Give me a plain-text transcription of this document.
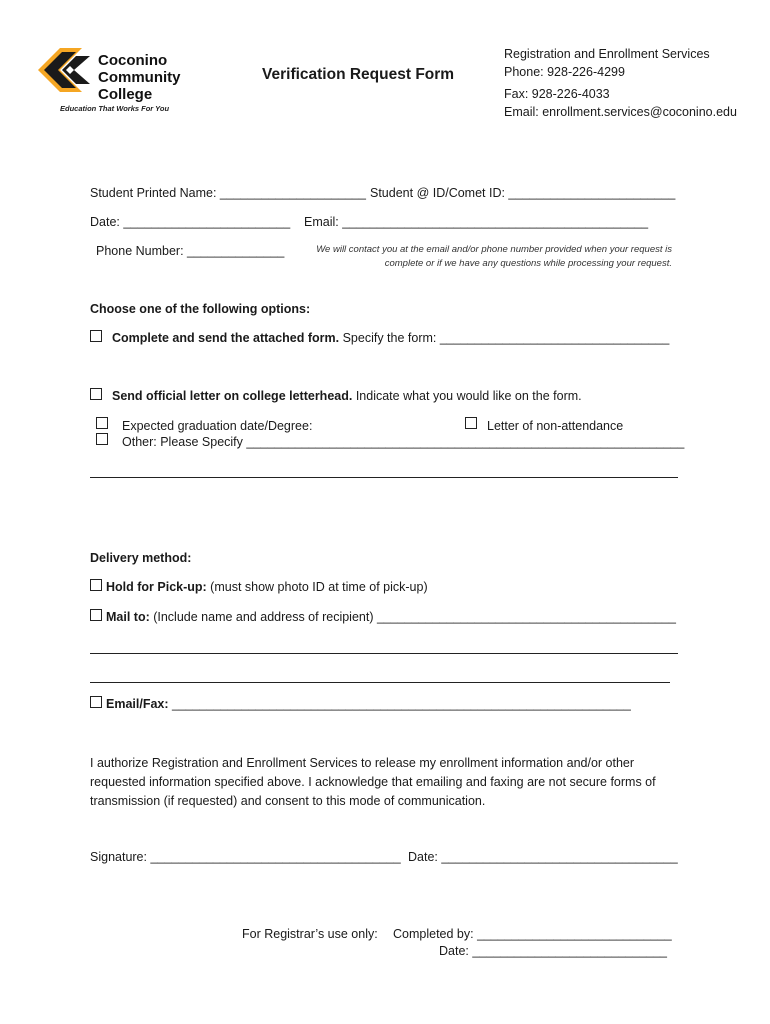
Coconino
Community
College
Education That Works For You
Verification Request Form
Registration and Enrollment Services
Phone: 928-226-4299
Fax: 928-226-4033
Email: enrollment.services@coconino.edu
Student Printed Name: _____________________ Student @ ID/Comet ID: ________________________
Date: ________________________ Email: ____________________________________________
Phone Number: ______________	We will contact you at the email and/or phone number provided when your request is complete or if we have any questions while processing your request.
Choose one of the following options:
Complete and send the attached form. Specify the form: _________________________________
Send official letter on college letterhead. Indicate what you would like on the form.
Expected graduation date/Degree:	Letter of non-attendance
Other: Please Specify _______________________________________________________________
Delivery method:
Hold for Pick-up: (must show photo ID at time of pick-up)
Mail to: (Include name and address of recipient) ___________________________________________
Email/Fax: __________________________________________________________________
I authorize Registration and Enrollment Services to release my enrollment information and/or other requested information specified above. I acknowledge that emailing and faxing are not secure forms of transmission (if requested) and consent to this mode of communication.
Signature: ____________________________________ Date: __________________________________
For Registrar’s use only: Completed by: ____________________________
Date: ____________________________
